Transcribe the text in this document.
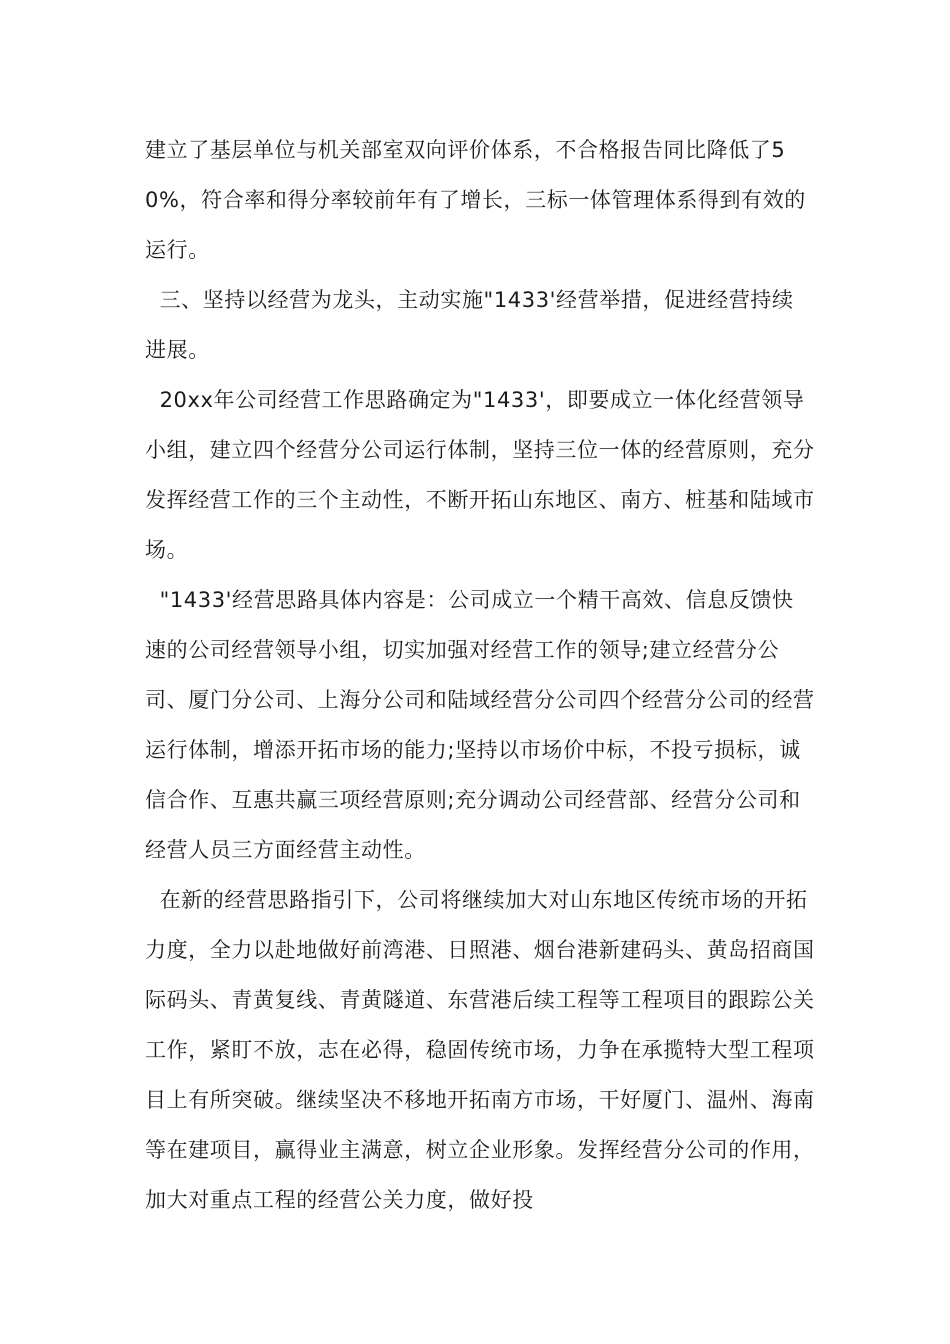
建立了基层单位与机关部室双向评价体系，不合格报告同比降低了50%，符合率和得分率较前年有了增长，三标一体管理体系得到有效的运行。

三、坚持以经营为龙头，主动实施"1433'经营举措，促进经营持续进展。

20xx年公司经营工作思路确定为"1433'，即要成立一体化经营领导小组，建立四个经营分公司运行体制，坚持三位一体的经营原则，充分发挥经营工作的三个主动性，不断开拓山东地区、南方、桩基和陆域市场。

"1433'经营思路具体内容是：公司成立一个精干高效、信息反馈快速的公司经营领导小组，切实加强对经营工作的领导;建立经营分公司、厦门分公司、上海分公司和陆域经营分公司四个经营分公司的经营运行体制，增添开拓市场的能力;坚持以市场价中标，不投亏损标，诚信合作、互惠共赢三项经营原则;充分调动公司经营部、经营分公司和经营人员三方面经营主动性。

在新的经营思路指引下，公司将继续加大对山东地区传统市场的开拓力度，全力以赴地做好前湾港、日照港、烟台港新建码头、黄岛招商国际码头、青黄复线、青黄隧道、东营港后续工程等工程项目的跟踪公关工作，紧盯不放，志在必得，稳固传统市场，力争在承揽特大型工程项目上有所突破。继续坚决不移地开拓南方市场，干好厦门、温州、海南等在建项目，赢得业主满意，树立企业形象。发挥经营分公司的作用，加大对重点工程的经营公关力度，做好投
